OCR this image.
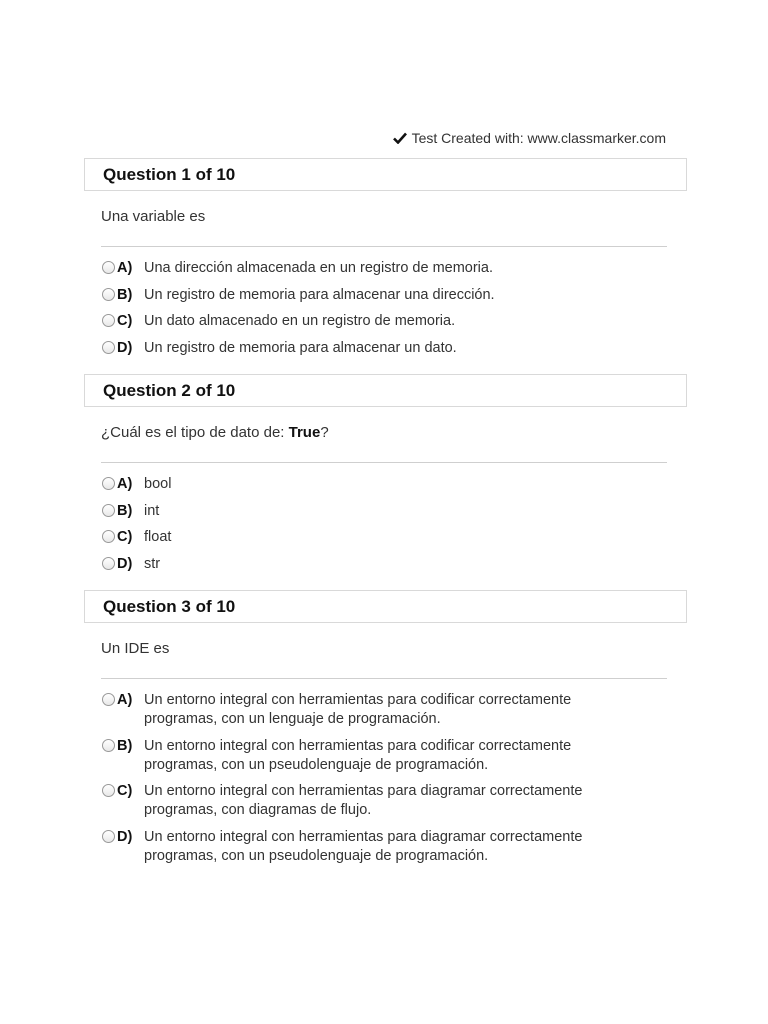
Test Created with: www.classmarker.com
Question 1 of 10
Una variable es
A) Una dirección almacenada en un registro de memoria.
B) Un registro de memoria para almacenar una dirección.
C) Un dato almacenado en un registro de memoria.
D) Un registro de memoria para almacenar un dato.
Question 2 of 10
¿Cuál es el tipo de dato de: True?
A) bool
B) int
C) float
D) str
Question 3 of 10
Un IDE es
A) Un entorno integral con herramientas para codificar correctamente programas, con un lenguaje de programación.
B) Un entorno integral con herramientas para codificar correctamente programas, con un pseudolenguaje de programación.
C) Un entorno integral con herramientas para diagramar correctamente programas, con diagramas de flujo.
D) Un entorno integral con herramientas para diagramar correctamente programas, con un pseudolenguaje de programación.
